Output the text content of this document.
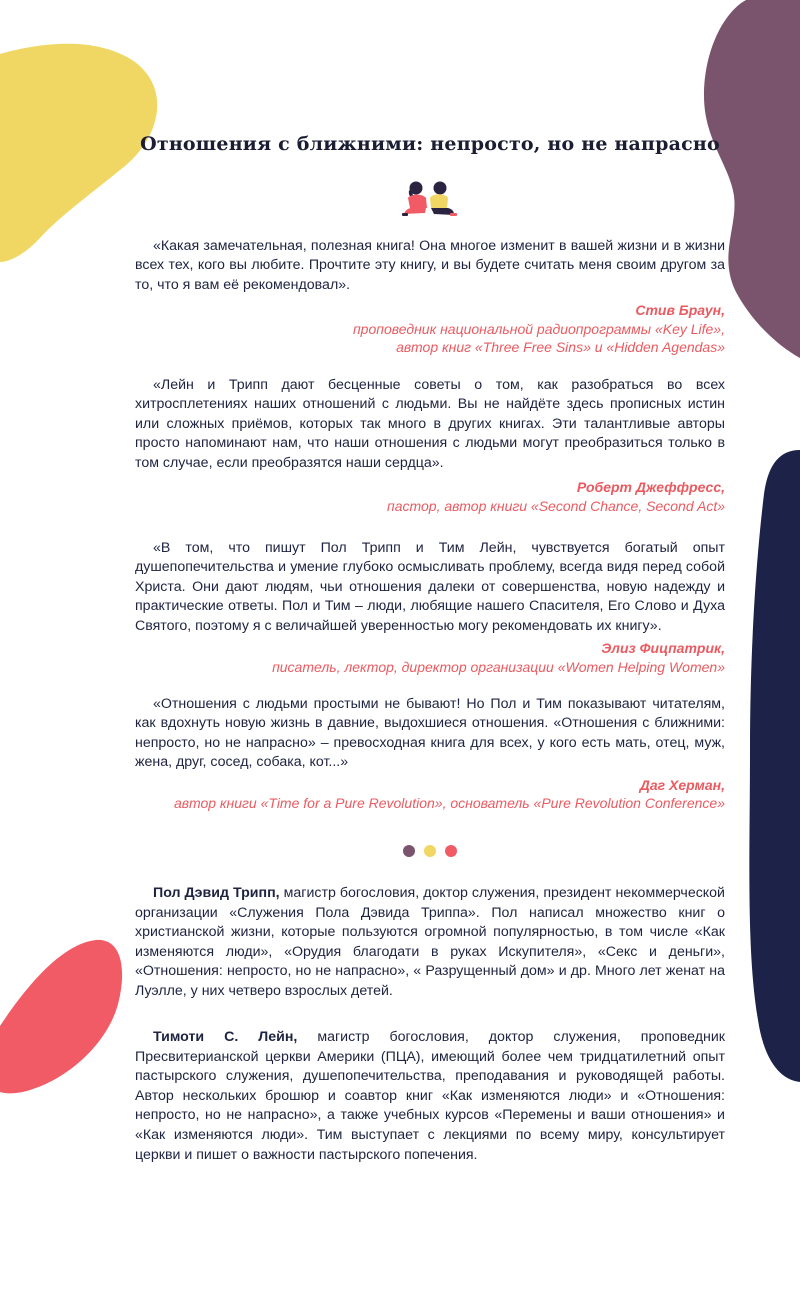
Отношения с ближними: непросто, но не напрасно

«Какая замечательная, полезная книга! Она многое изменит в вашей жизни и в жизни всех тех, кого вы любите. Прочтите эту книгу, и вы будете считать меня своим другом за то, что я вам её рекомендовал».

Стив Браун,
проповедник национальной радиопрограммы «Key Life»,
автор книг «Three Free Sins» и «Hidden Agendas»

«Лейн и Трипп дают бесценные советы о том, как разобраться во всех хитросплетениях наших отношений с людьми. Вы не найдёте здесь прописных истин или сложных приёмов, которых так много в других книгах. Эти талантливые авторы просто напоминают нам, что наши отношения с людьми могут преобразиться только в том случае, если преобразятся наши сердца».

Роберт Джеффресс,
пастор, автор книги «Second Chance, Second Act»

«В том, что пишут Пол Трипп и Тим Лейн, чувствуется богатый опыт душепопечительства и умение глубоко осмысливать проблему, всегда видя перед собой Христа. Они дают людям, чьи отношения далеки от совершенства, новую надежду и практические ответы. Пол и Тим – люди, любящие нашего Спасителя, Его Слово и Духа Святого, поэтому я с величайшей уверенностью могу рекомендовать их книгу».

Элиз Фицпатрик,
писатель, лектор, директор организации «Women Helping Women»

«Отношения с людьми простыми не бывают! Но Пол и Тим показывают читателям, как вдохнуть новую жизнь в давние, выдохшиеся отношения. «Отношения с ближними: непросто, но не напрасно» – превосходная книга для всех, у кого есть мать, отец, муж, жена, друг, сосед, собака, кот...»

Даг Херман,
автор книги «Time for a Pure Revolution», основатель «Pure Revolution Conference»

Пол Дэвид Трипп, магистр богословия, доктор служения, президент некоммерческой организации «Служения Пола Дэвида Триппа». Пол написал множество книг о христианской жизни, которые пользуются огромной популярностью, в том числе «Как изменяются люди», «Орудия благодати в руках Искупителя», «Секс и деньги», «Отношения: непросто, но не напрасно», « Разрущенный дом» и др. Много лет женат на Луэлле, у них четверо взрослых детей.

Тимоти С. Лейн, магистр богословия, доктор служения, проповедник Пресвитерианской церкви Америки (ПЦА), имеющий более чем тридцатилетний опыт пастырского служения, душепопечительства, преподавания и руководящей работы. Автор нескольких брошюр и соавтор книг «Как изменяются люди» и «Отношения: непросто, но не напрасно», а также учебных курсов «Перемены и ваши отношения» и «Как изменяются люди». Тим выступает с лекциями по всему миру, консультирует церкви и пишет о важности пастырского попечения.
